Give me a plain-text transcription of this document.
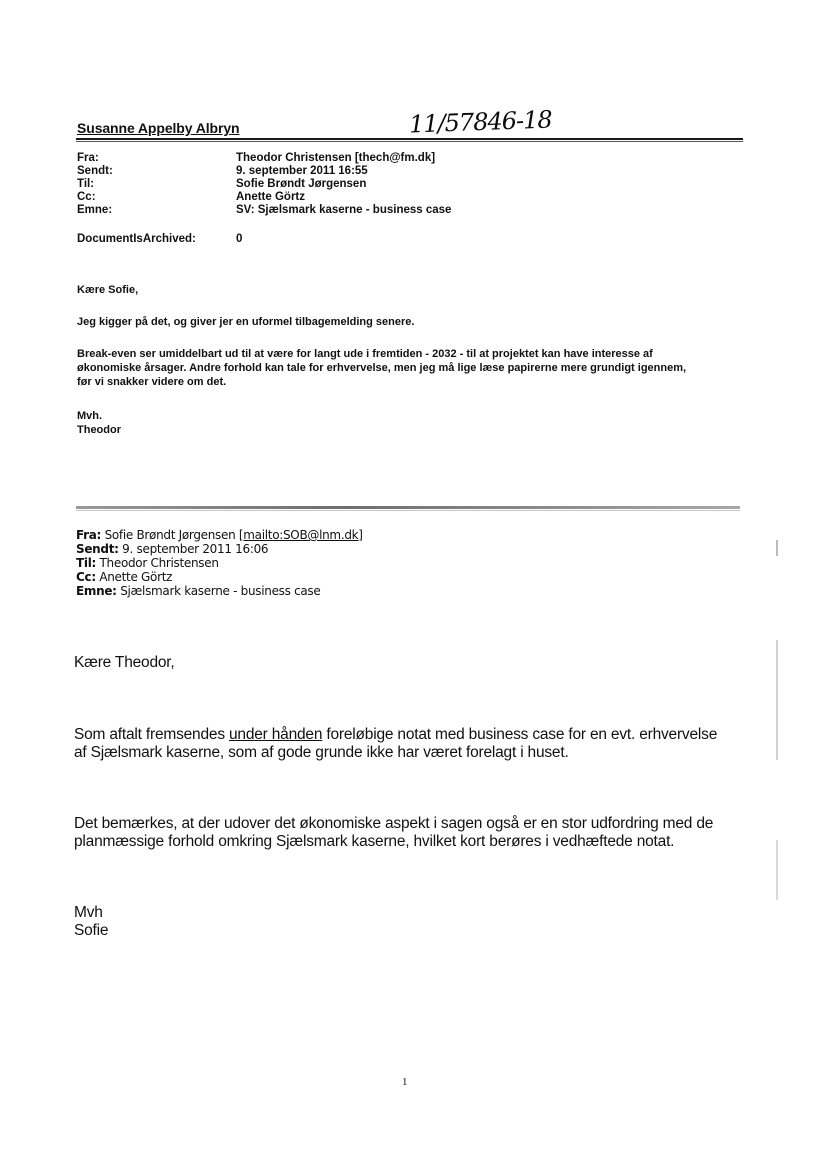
Susanne Appelby Albryn	11/57846-18
Fra:	Theodor Christensen [thech@fm.dk]
Sendt:	9. september 2011 16:55
Til:	Sofie Brøndt Jørgensen
Cc:	Anette Görtz
Emne:	SV: Sjælsmark kaserne - business case
DocumentIsArchived:	0
Kære Sofie,
Jeg kigger på det, og giver jer en uformel tilbagemelding senere.
Break-even ser umiddelbart ud til at være for langt ude i fremtiden - 2032 - til at projektet kan have interesse af
økonomiske årsager. Andre forhold kan tale for erhvervelse, men jeg må lige læse papirerne mere grundigt igennem,
før vi snakker videre om det.
Mvh.
Theodor
Fra: Sofie Brøndt Jørgensen [mailto:SOB@lnm.dk]
Sendt: 9. september 2011 16:06
Til: Theodor Christensen
Cc: Anette Görtz
Emne: Sjælsmark kaserne - business case
Kære Theodor,
Som aftalt fremsendes under hånden foreløbige notat med business case for en evt. erhvervelse
af Sjælsmark kaserne, som af gode grunde ikke har været forelagt i huset.
Det bemærkes, at der udover det økonomiske aspekt i sagen også er en stor udfordring med de
planmæssige forhold omkring Sjælsmark kaserne, hvilket kort berøres i vedhæftede notat.
Mvh
Sofie
1
